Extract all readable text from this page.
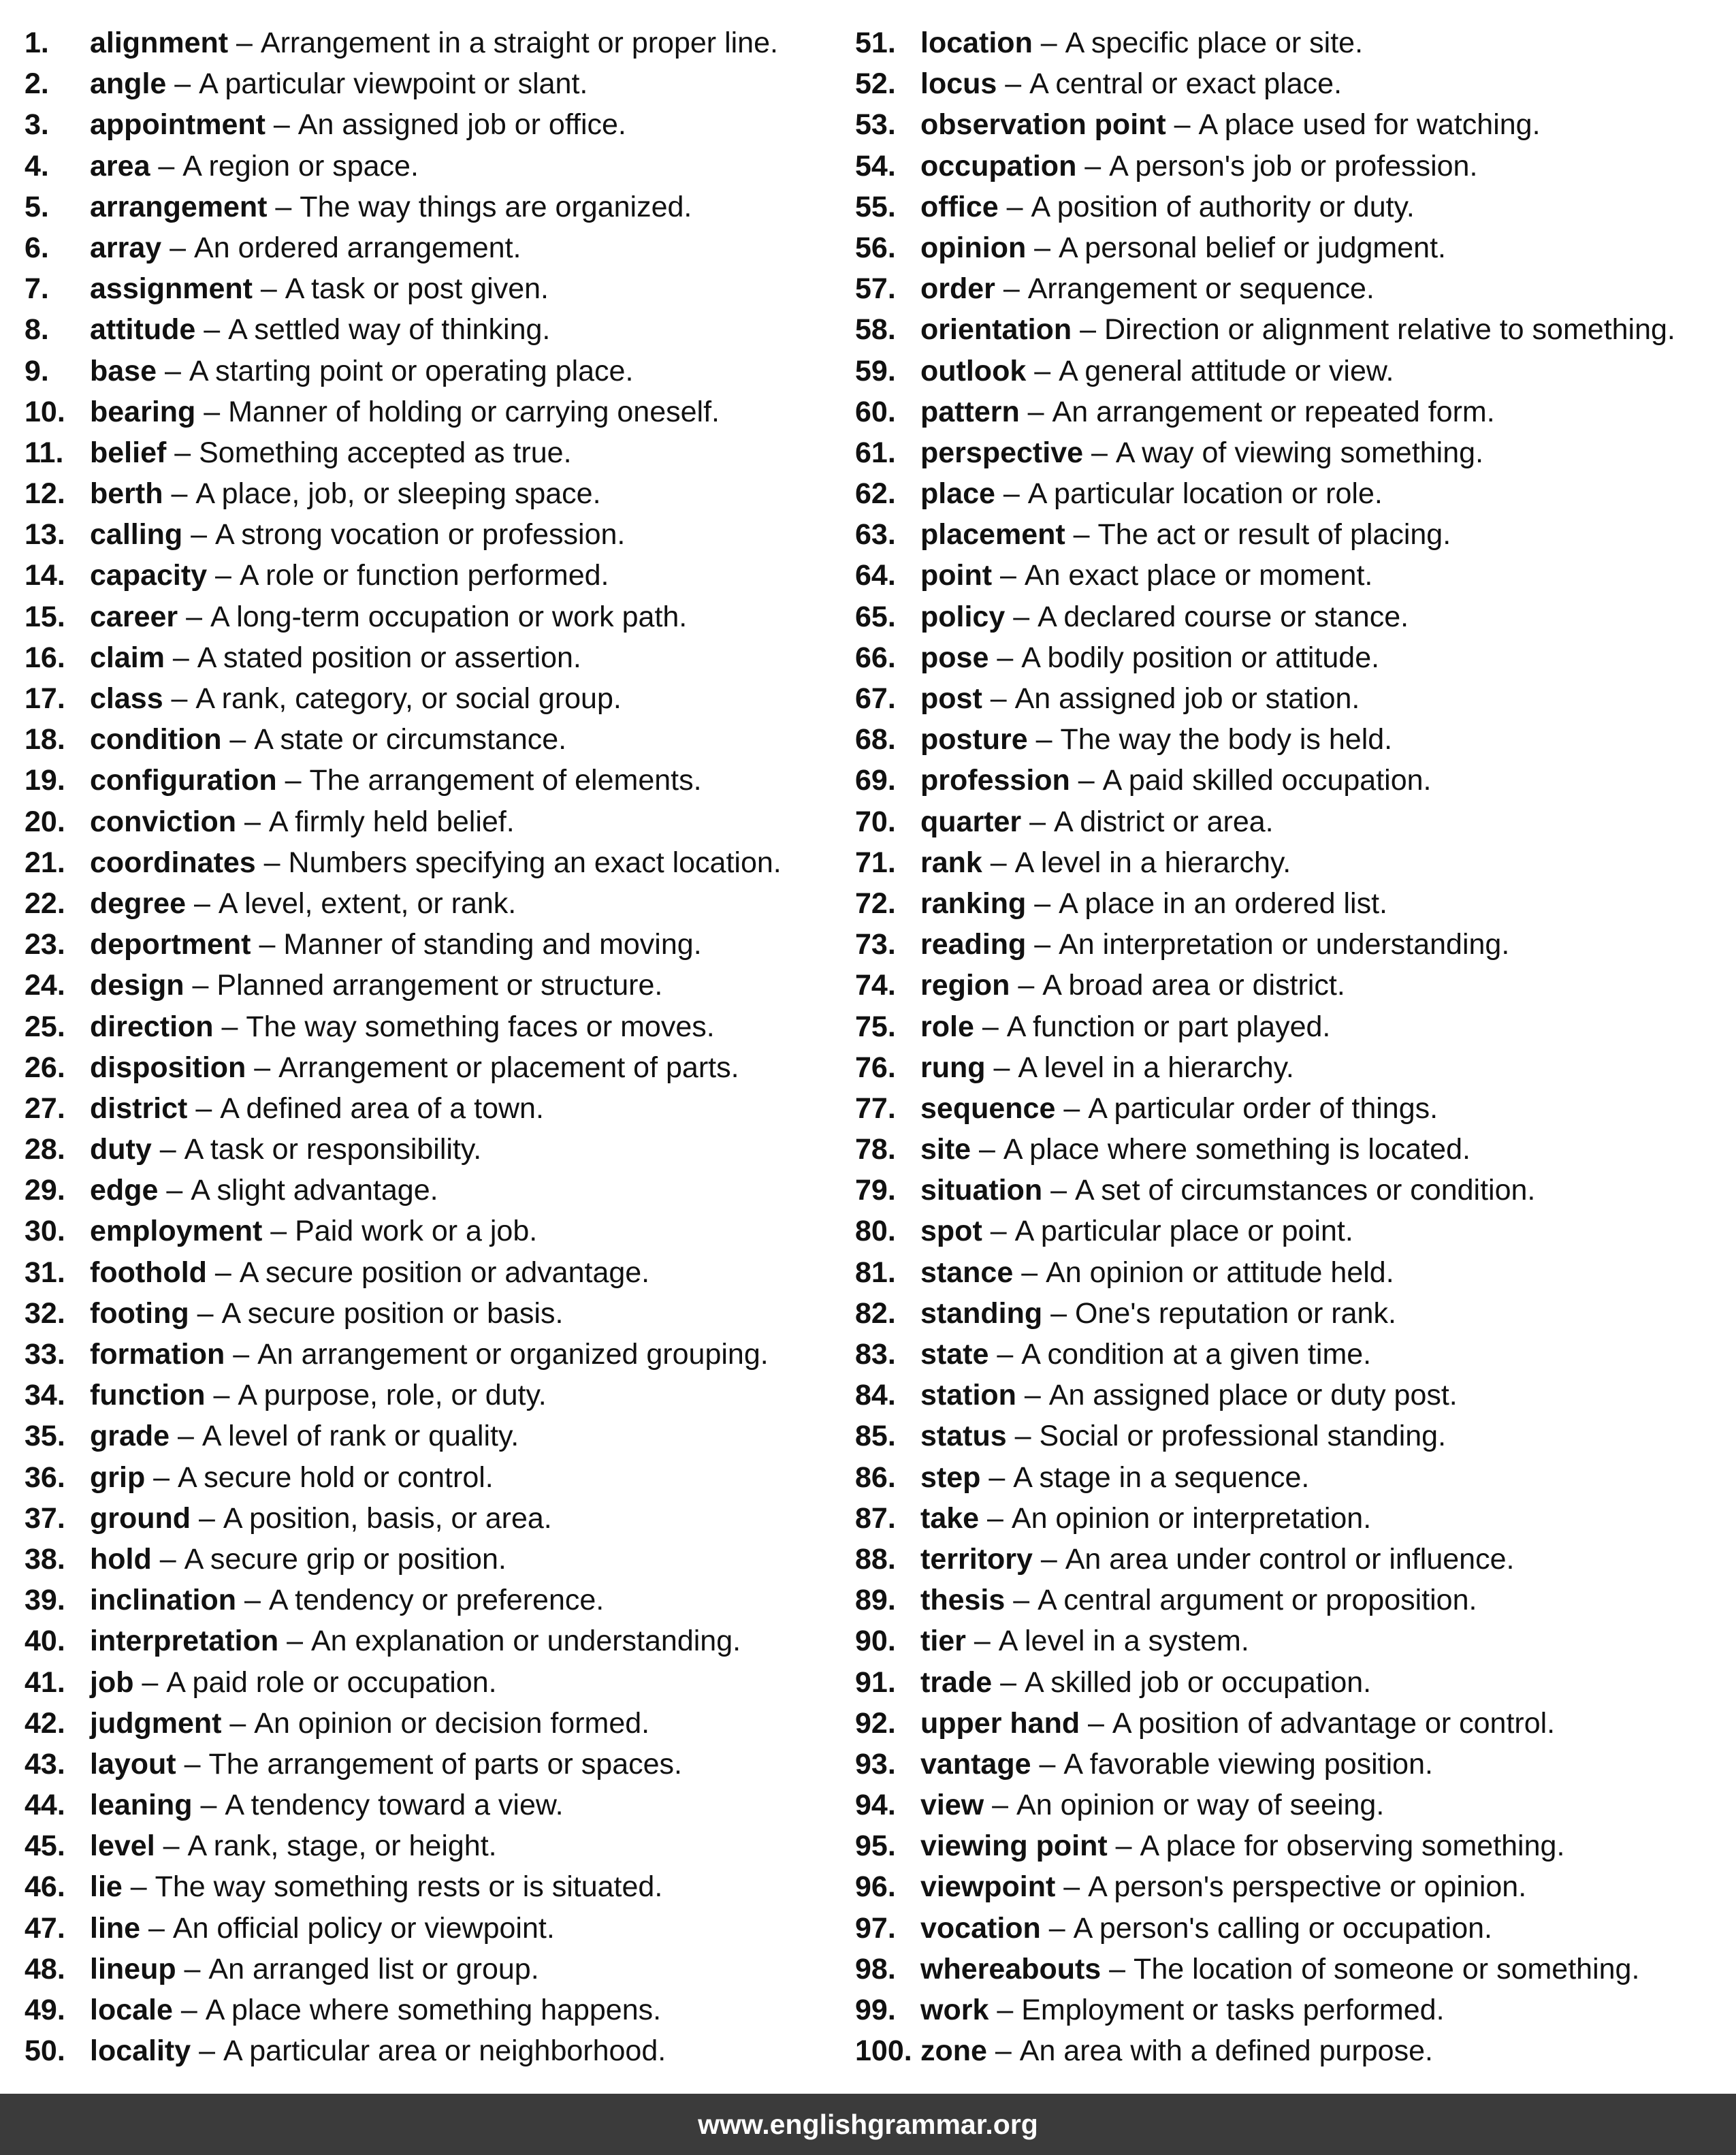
1.	alignment – Arrangement in a straight or proper line.
2.	angle – A particular viewpoint or slant.
3.	appointment – An assigned job or office.
4.	area – A region or space.
5.	arrangement – The way things are organized.
6.	array – An ordered arrangement.
7.	assignment – A task or post given.
8.	attitude – A settled way of thinking.
9.	base – A starting point or operating place.
10. bearing – Manner of holding or carrying oneself.
11. belief – Something accepted as true.
12. berth – A place, job, or sleeping space.
13. calling – A strong vocation or profession.
14. capacity – A role or function performed.
15. career – A long-term occupation or work path.
16. claim – A stated position or assertion.
17. class – A rank, category, or social group.
18. condition – A state or circumstance.
19. configuration – The arrangement of elements.
20. conviction – A firmly held belief.
21. coordinates – Numbers specifying an exact location.
22. degree – A level, extent, or rank.
23. deportment – Manner of standing and moving.
24. design – Planned arrangement or structure.
25. direction – The way something faces or moves.
26. disposition – Arrangement or placement of parts.
27. district – A defined area of a town.
28. duty – A task or responsibility.
29. edge – A slight advantage.
30. employment – Paid work or a job.
31. foothold – A secure position or advantage.
32. footing – A secure position or basis.
33. formation – An arrangement or organized grouping.
34. function – A purpose, role, or duty.
35. grade – A level of rank or quality.
36. grip – A secure hold or control.
37. ground – A position, basis, or area.
38. hold – A secure grip or position.
39. inclination – A tendency or preference.
40. interpretation – An explanation or understanding.
41. job – A paid role or occupation.
42. judgment – An opinion or decision formed.
43. layout – The arrangement of parts or spaces.
44. leaning – A tendency toward a view.
45. level – A rank, stage, or height.
46. lie – The way something rests or is situated.
47. line – An official policy or viewpoint.
48. lineup – An arranged list or group.
49. locale – A place where something happens.
50. locality – A particular area or neighborhood.
51. location – A specific place or site.
52. locus – A central or exact place.
53. observation point – A place used for watching.
54. occupation – A person's job or profession.
55. office – A position of authority or duty.
56. opinion – A personal belief or judgment.
57. order – Arrangement or sequence.
58. orientation – Direction or alignment relative to something.
59. outlook – A general attitude or view.
60. pattern – An arrangement or repeated form.
61. perspective – A way of viewing something.
62. place – A particular location or role.
63. placement – The act or result of placing.
64. point – An exact place or moment.
65. policy – A declared course or stance.
66. pose – A bodily position or attitude.
67. post – An assigned job or station.
68. posture – The way the body is held.
69. profession – A paid skilled occupation.
70. quarter – A district or area.
71. rank – A level in a hierarchy.
72. ranking – A place in an ordered list.
73. reading – An interpretation or understanding.
74. region – A broad area or district.
75. role – A function or part played.
76. rung – A level in a hierarchy.
77. sequence – A particular order of things.
78. site – A place where something is located.
79. situation – A set of circumstances or condition.
80. spot – A particular place or point.
81. stance – An opinion or attitude held.
82. standing – One's reputation or rank.
83. state – A condition at a given time.
84. station – An assigned place or duty post.
85. status – Social or professional standing.
86. step – A stage in a sequence.
87. take – An opinion or interpretation.
88. territory – An area under control or influence.
89. thesis – A central argument or proposition.
90. tier – A level in a system.
91. trade – A skilled job or occupation.
92. upper hand – A position of advantage or control.
93. vantage – A favorable viewing position.
94. view – An opinion or way of seeing.
95. viewing point – A place for observing something.
96. viewpoint – A person's perspective or opinion.
97. vocation – A person's calling or occupation.
98. whereabouts – The location of someone or something.
99. work – Employment or tasks performed.
100. zone – An area with a defined purpose.
www.englishgrammar.org
